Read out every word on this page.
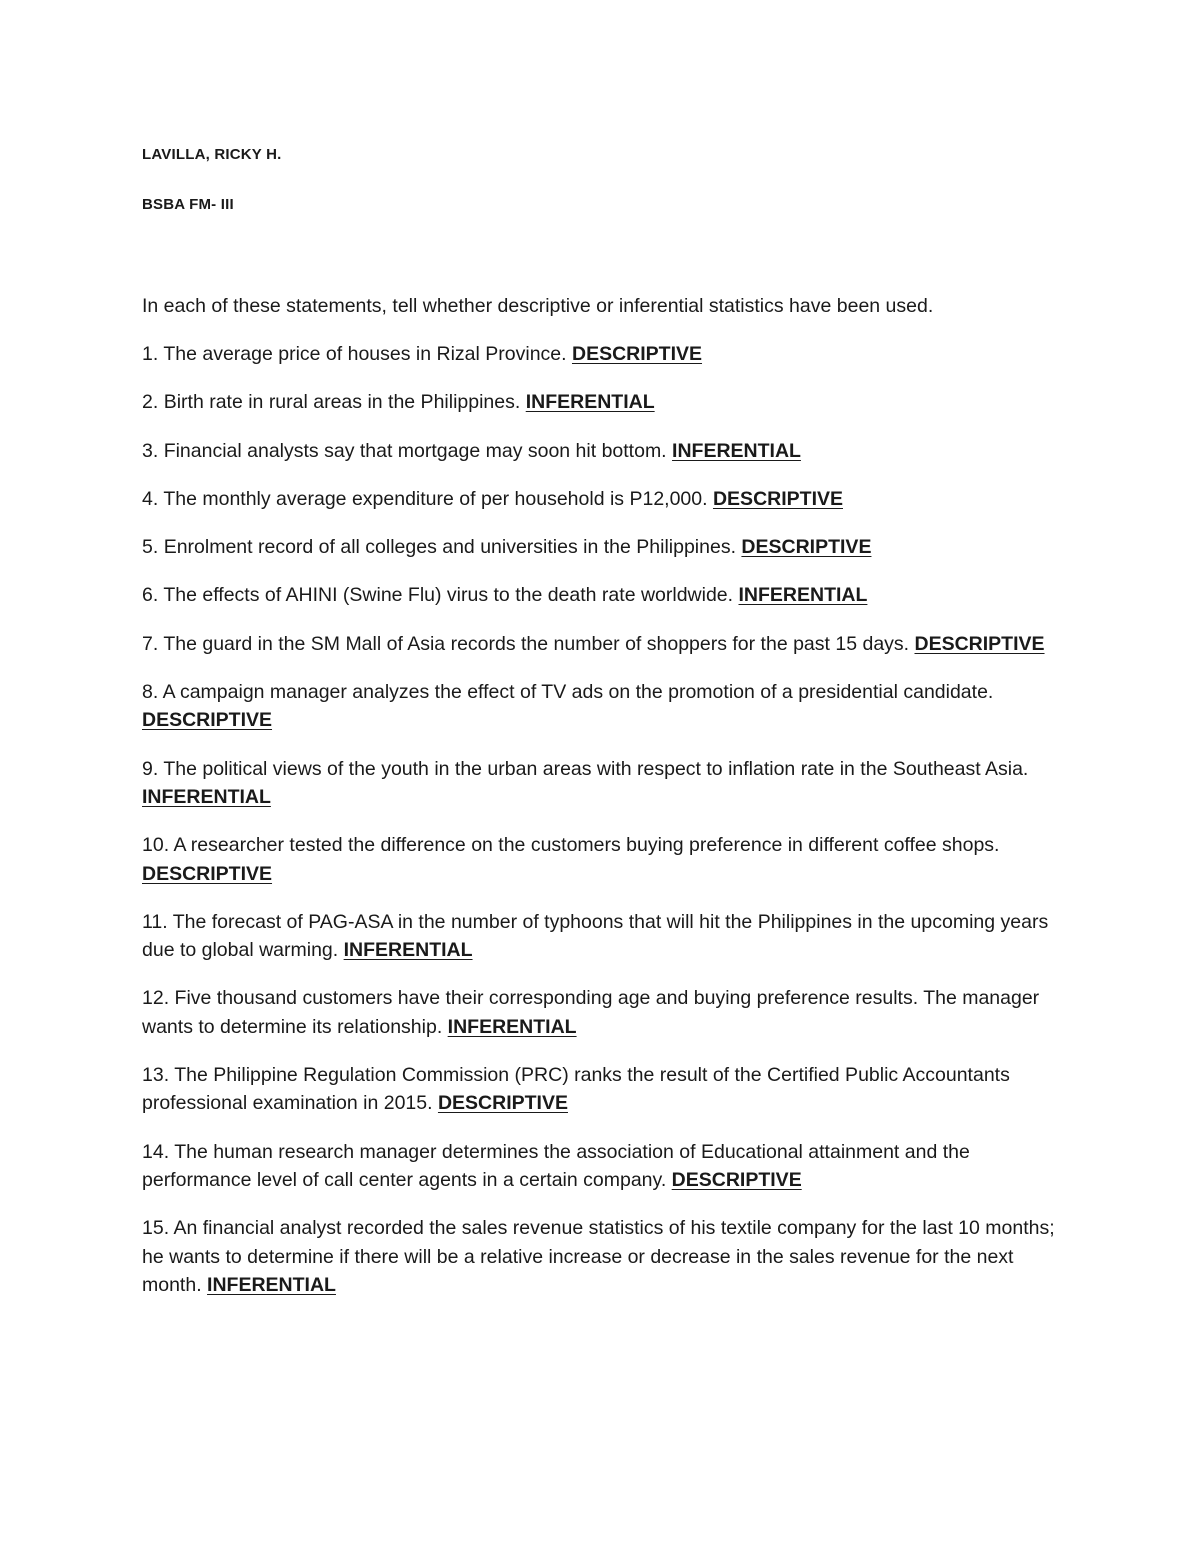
LAVILLA, RICKY H.

BSBA FM- III

In each of these statements, tell whether descriptive or inferential statistics have been used.

1. The average price of houses in Rizal Province. DESCRIPTIVE
2. Birth rate in rural areas in the Philippines. INFERENTIAL
3. Financial analysts say that mortgage may soon hit bottom. INFERENTIAL
4. The monthly average expenditure of per household is P12,000. DESCRIPTIVE
5. Enrolment record of all colleges and universities in the Philippines. DESCRIPTIVE
6. The effects of AHINI (Swine Flu) virus to the death rate worldwide. INFERENTIAL
7. The guard in the SM Mall of Asia records the number of shoppers for the past 15 days. DESCRIPTIVE
8. A campaign manager analyzes the effect of TV ads on the promotion of a presidential candidate. DESCRIPTIVE
9. The political views of the youth in the urban areas with respect to inflation rate in the Southeast Asia. INFERENTIAL
10. A researcher tested the difference on the customers buying preference in different coffee shops. DESCRIPTIVE
11. The forecast of PAG-ASA in the number of typhoons that will hit the Philippines in the upcoming years due to global warming. INFERENTIAL
12. Five thousand customers have their corresponding age and buying preference results. The manager wants to determine its relationship. INFERENTIAL
13. The Philippine Regulation Commission (PRC) ranks the result of the Certified Public Accountants professional examination in 2015. DESCRIPTIVE
14. The human research manager determines the association of Educational attainment and the performance level of call center agents in a certain company. DESCRIPTIVE
15. An financial analyst recorded the sales revenue statistics of his textile company for the last 10 months; he wants to determine if there will be a relative increase or decrease in the sales revenue for the next month. INFERENTIAL
